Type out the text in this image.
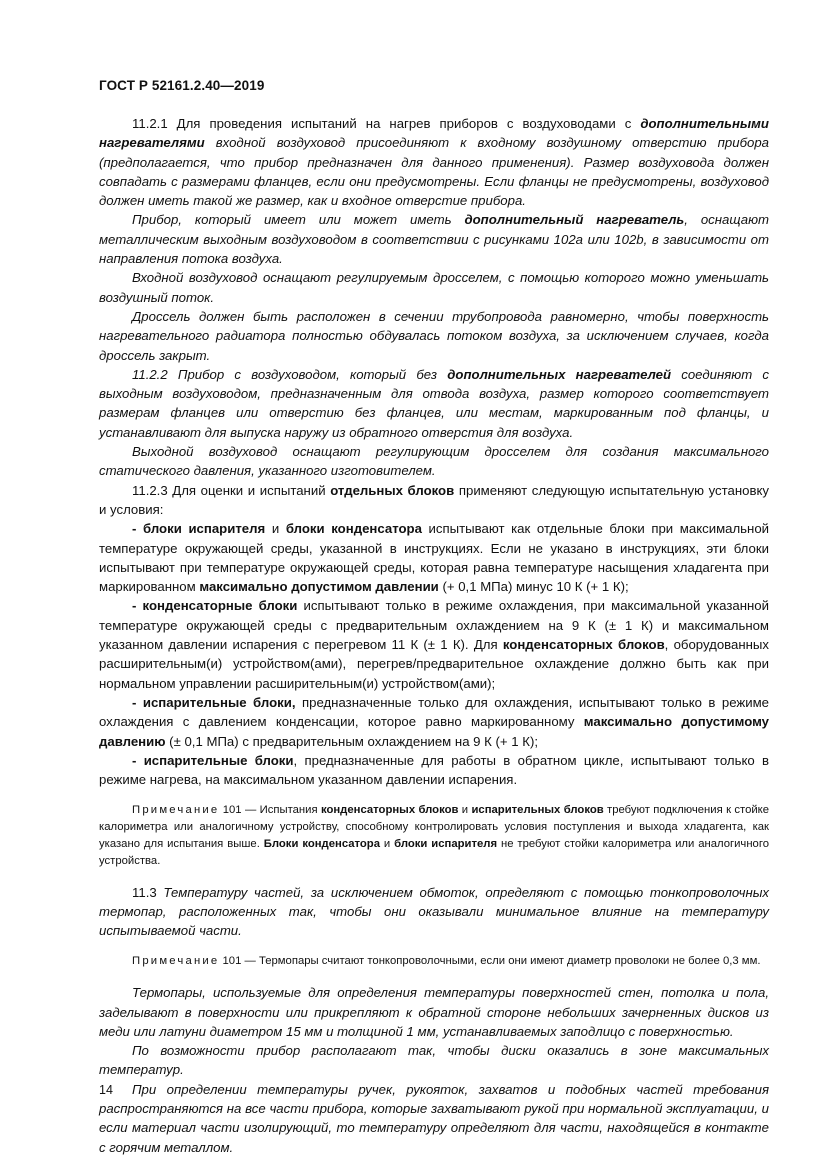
ГОСТ Р 52161.2.40—2019

11.2.1 Для проведения испытаний на нагрев приборов с воздуховодами с дополнительными нагревателями входной воздуховод присоединяют к входному воздушному отверстию прибора (предполагается, что прибор предназначен для данного применения). Размер воздуховода должен совпадать с размерами фланцев, если они предусмотрены. Если фланцы не предусмотрены, воздуховод должен иметь такой же размер, как и входное отверстие прибора.

Прибор, который имеет или может иметь дополнительный нагреватель, оснащают металлическим выходным воздуховодом в соответствии с рисунками 102a или 102b, в зависимости от направления потока воздуха.

Входной воздуховод оснащают регулируемым дросселем, с помощью которого можно уменьшать воздушный поток.

Дроссель должен быть расположен в сечении трубопровода равномерно, чтобы поверхность нагревательного радиатора полностью обдувалась потоком воздуха, за исключением случаев, когда дроссель закрыт.

11.2.2 Прибор с воздуховодом, который без дополнительных нагревателей соединяют с выходным воздуховодом, предназначенным для отвода воздуха, размер которого соответствует размерам фланцев или отверстию без фланцев, или местам, маркированным под фланцы, и устанавливают для выпуска наружу из обратного отверстия для воздуха.

Выходной воздуховод оснащают регулирующим дросселем для создания максимального статического давления, указанного изготовителем.

11.2.3 Для оценки и испытаний отдельных блоков применяют следующую испытательную установку и условия:

- блоки испарителя и блоки конденсатора испытывают как отдельные блоки при максимальной температуре окружающей среды, указанной в инструкциях. Если не указано в инструкциях, эти блоки испытывают при температуре окружающей среды, которая равна температуре насыщения хладагента при маркированном максимально допустимом давлении (+ 0,1 МПа) минус 10 К (+ 1 К);

- конденсаторные блоки испытывают только в режиме охлаждения, при максимальной указанной температуре окружающей среды с предварительным охлаждением на 9 К (± 1 К) и максимальном указанном давлении испарения с перегревом 11 К (± 1 К). Для конденсаторных блоков, оборудованных расширительным(и) устройством(ами), перегрев/предварительное охлаждение должно быть как при нормальном управлении расширительным(и) устройством(ами);

- испарительные блоки, предназначенные только для охлаждения, испытывают только в режиме охлаждения с давлением конденсации, которое равно маркированному максимально допустимому давлению (± 0,1 МПа) с предварительным охлаждением на 9 К (+ 1 К);

- испарительные блоки, предназначенные для работы в обратном цикле, испытывают только в режиме нагрева, на максимальном указанном давлении испарения.

Примечание 101 — Испытания конденсаторных блоков и испарительных блоков требуют подключения к стойке калориметра или аналогичному устройству, способному контролировать условия поступления и выхода хладагента, как указано для испытания выше. Блоки конденсатора и блоки испарителя не требуют стойки калориметра или аналогичного устройства.

11.3 Температуру частей, за исключением обмоток, определяют с помощью тонкопроволочных термопар, расположенных так, чтобы они оказывали минимальное влияние на температуру испытываемой части.

Примечание 101 — Термопары считают тонкопроволочными, если они имеют диаметр проволоки не более 0,3 мм.

Термопары, используемые для определения температуры поверхностей стен, потолка и пола, заделывают в поверхности или прикрепляют к обратной стороне небольших зачерненных дисков из меди или латуни диаметром 15 мм и толщиной 1 мм, устанавливаемых заподлицо с поверхностью.

По возможности прибор располагают так, чтобы диски оказались в зоне максимальных температур.

При определении температуры ручек, рукояток, захватов и подобных частей требования распространяются на все части прибора, которые захватывают рукой при нормальной эксплуатации, и если материал части изолирующий, то температуру определяют для части, находящейся в контакте с горячим металлом.

14
